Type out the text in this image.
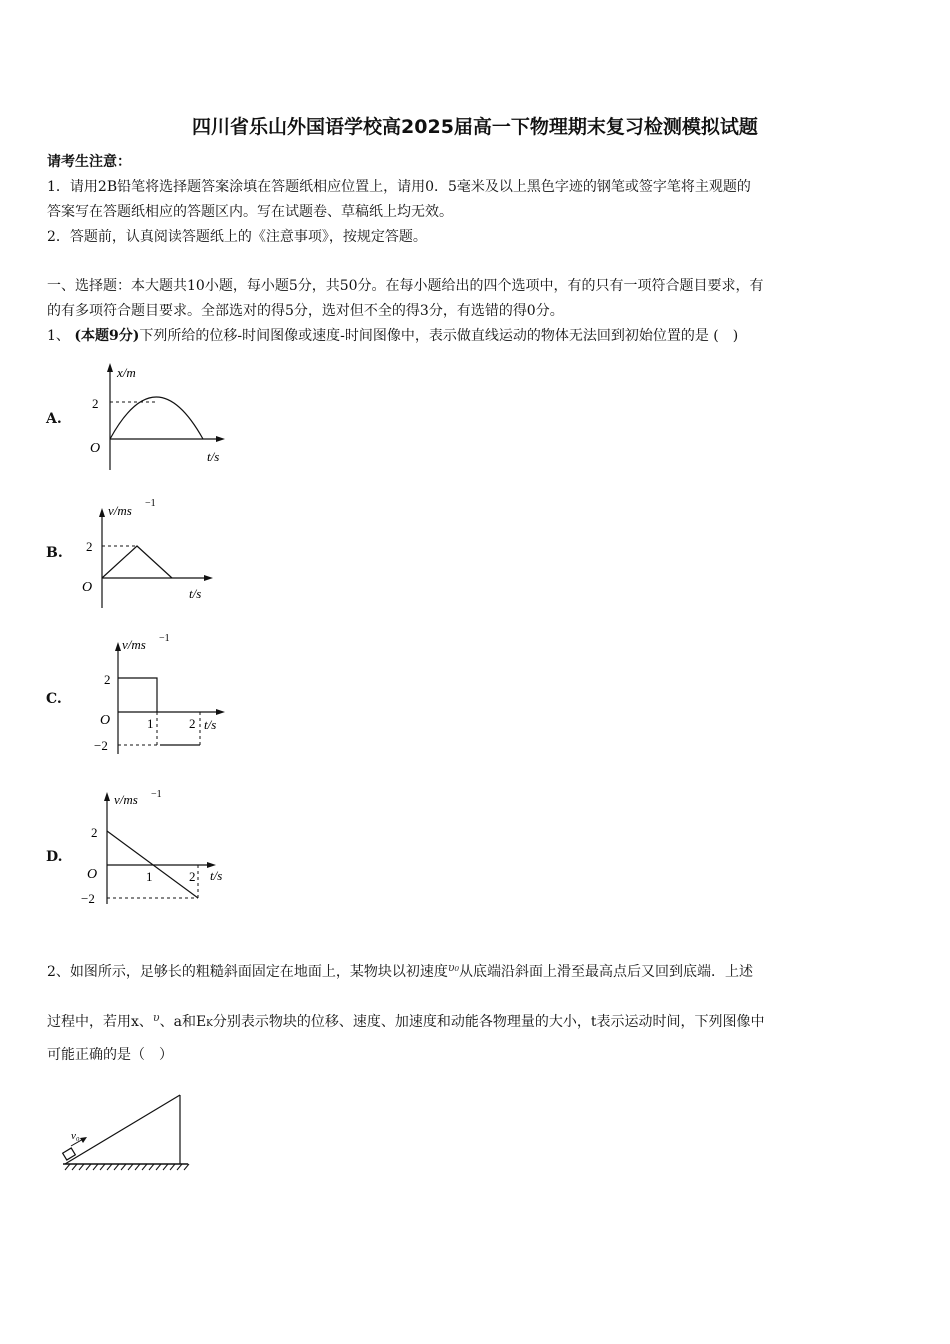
四川省乐山外国语学校高2025届高一下物理期末复习检测模拟试题
请考生注意：
1．请用2B铅笔将选择题答案涂填在答题纸相应位置上，请用0．5毫米及以上黑色字迹的钢笔或签字笔将主观题的
答案写在答题纸相应的答题区内。写在试题卷、草稿纸上均无效。
2．答题前，认真阅读答题纸上的《注意事项》，按规定答题。
一、选择题：本大题共10小题，每小题5分，共50分。在每小题给出的四个选项中，有的只有一项符合题目要求，有
的有多项符合题目要求。全部选对的得5分，选对但不全的得3分，有选错的得0分。
1、 (本题9分)下列所给的位移-时间图像或速度-时间图像中，表示做直线运动的物体无法回到初始位置的是 (　)
A.
x/m
2
O
t/s
B.
v/ms −1
2
O	t/s
C.
v/ms −1
2
−2
O	1	2 t/s
D.
v/ms −1
2
−2
O	1	2 t/s
2、如图所示，足够长的粗糙斜面固定在地面上，某物块以初速度$^{\upsilon_0}$从底端沿斜面上滑至最高点后又回到底端．上述
过程中，若用x、$^\upsilon$、a和EK分别表示物块的位移、速度、加速度和动能各物理量的大小，t表示运动时间，下列图像中
可能正确的是（　）
v₀
